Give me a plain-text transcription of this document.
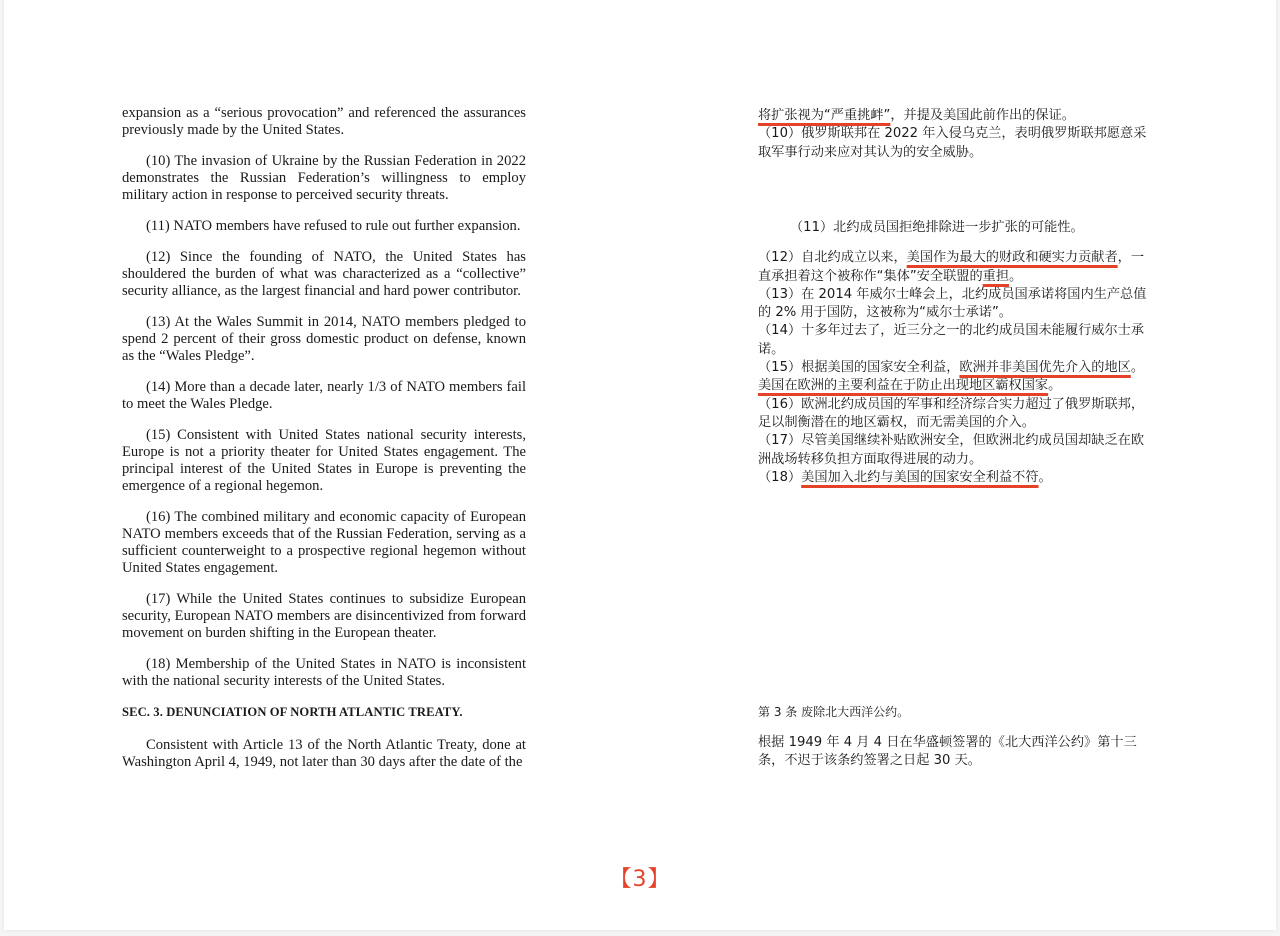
expansion as a “serious provocation” and referenced the assurances previously made by the United States.

(10) The invasion of Ukraine by the Russian Federation in 2022 demonstrates the Russian Federation’s willingness to employ military action in response to perceived security threats.

(11) NATO members have refused to rule out further expansion.

(12) Since the founding of NATO, the United States has shouldered the burden of what was characterized as a “collective” security alliance, as the largest financial and hard power contributor.

(13) At the Wales Summit in 2014, NATO members pledged to spend 2 percent of their gross domestic product on defense, known as the “Wales Pledge”.

(14) More than a decade later, nearly 1/3 of NATO members fail to meet the Wales Pledge.

(15) Consistent with United States national security interests, Europe is not a priority theater for United States engagement. The principal interest of the United States in Europe is preventing the emergence of a regional hegemon.

(16) The combined military and economic capacity of European NATO members exceeds that of the Russian Federation, serving as a sufficient counterweight to a prospective regional hegemon without United States engagement.

(17) While the United States continues to subsidize European security, European NATO members are disincentivized from forward movement on burden shifting in the European theater.

(18) Membership of the United States in NATO is inconsistent with the national security interests of the United States.

SEC. 3. DENUNCIATION OF NORTH ATLANTIC TREATY.

Consistent with Article 13 of the North Atlantic Treaty, done at Washington April 4, 1949, not later than 30 days after the date of the

将扩张视为“严重挑衅”，并提及美国此前作出的保证。

（10）俄罗斯联邦在 2022 年入侵乌克兰，表明俄罗斯联邦愿意采取军事行动来应对其认为的安全威胁。

（11）北约成员国拒绝排除进一步扩张的可能性。

（12）自北约成立以来，美国作为最大的财政和硬实力贡献者，一直承担着这个被称作“集体”安全联盟的重担。

（13）在 2014 年威尔士峰会上，北约成员国承诺将国内生产总值的 2% 用于国防，这被称为“威尔士承诺”。

（14）十多年过去了，近三分之一的北约成员国未能履行威尔士承诺。

（15）根据美国的国家安全利益，欧洲并非美国优先介入的地区。美国在欧洲的主要利益在于防止出现地区霸权国家。

（16）欧洲北约成员国的军事和经济综合实力超过了俄罗斯联邦，足以制衡潜在的地区霸权，而无需美国的介入。

（17）尽管美国继续补贴欧洲安全，但欧洲北约成员国却缺乏在欧洲战场转移负担方面取得进展的动力。

（18）美国加入北约与美国的国家安全利益不符。

第 3 条 废除北大西洋公约。

根据 1949 年 4 月 4 日在华盛顿签署的《北大西洋公约》第十三条，不迟于该条约签署之日起 30 天。

【3】
